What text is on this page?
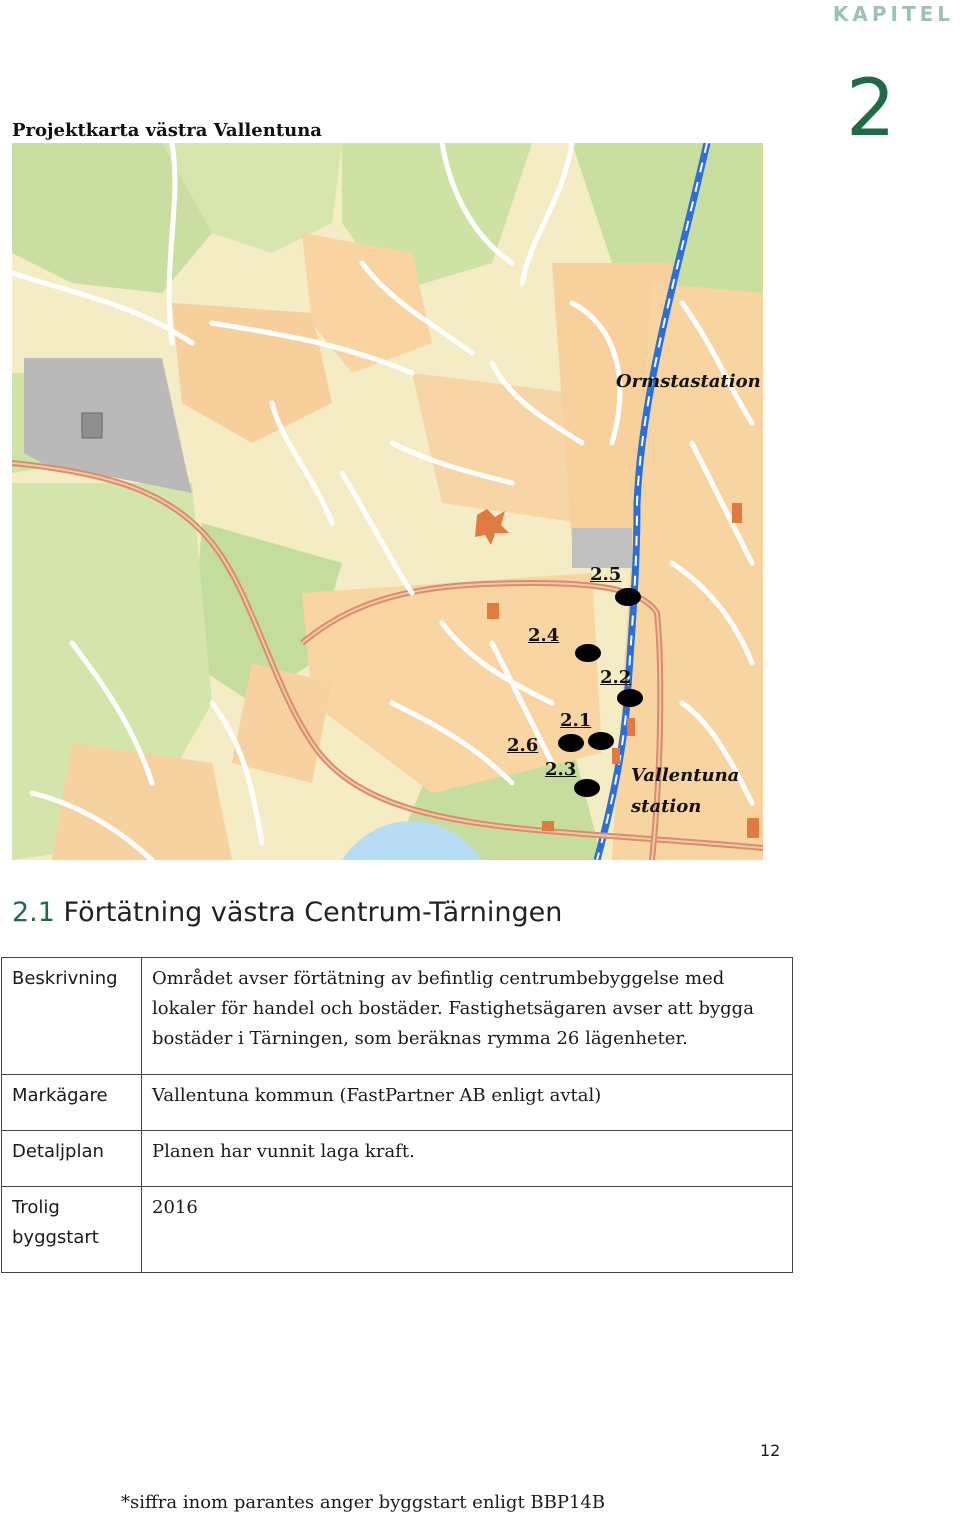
KAPITEL
2
Projektkarta västra Vallentuna
Ormstastation
Vallentuna
station
2.5
2.4
2.2
2.1
2.6
2.3
2.1 Förtätning västra Centrum-Tärningen
Beskrivning	Området avser förtätning av befintlig centrumbebyggelse med lokaler för handel och bostäder. Fastighetsägaren avser att bygga bostäder i Tärningen, som beräknas rymma 26 lägenheter.
Markägare	Vallentuna kommun (FastPartner AB enligt avtal)
Detaljplan	Planen har vunnit laga kraft.
Trolig byggstart	2016
12
*siffra inom parantes anger byggstart enligt BBP14B
